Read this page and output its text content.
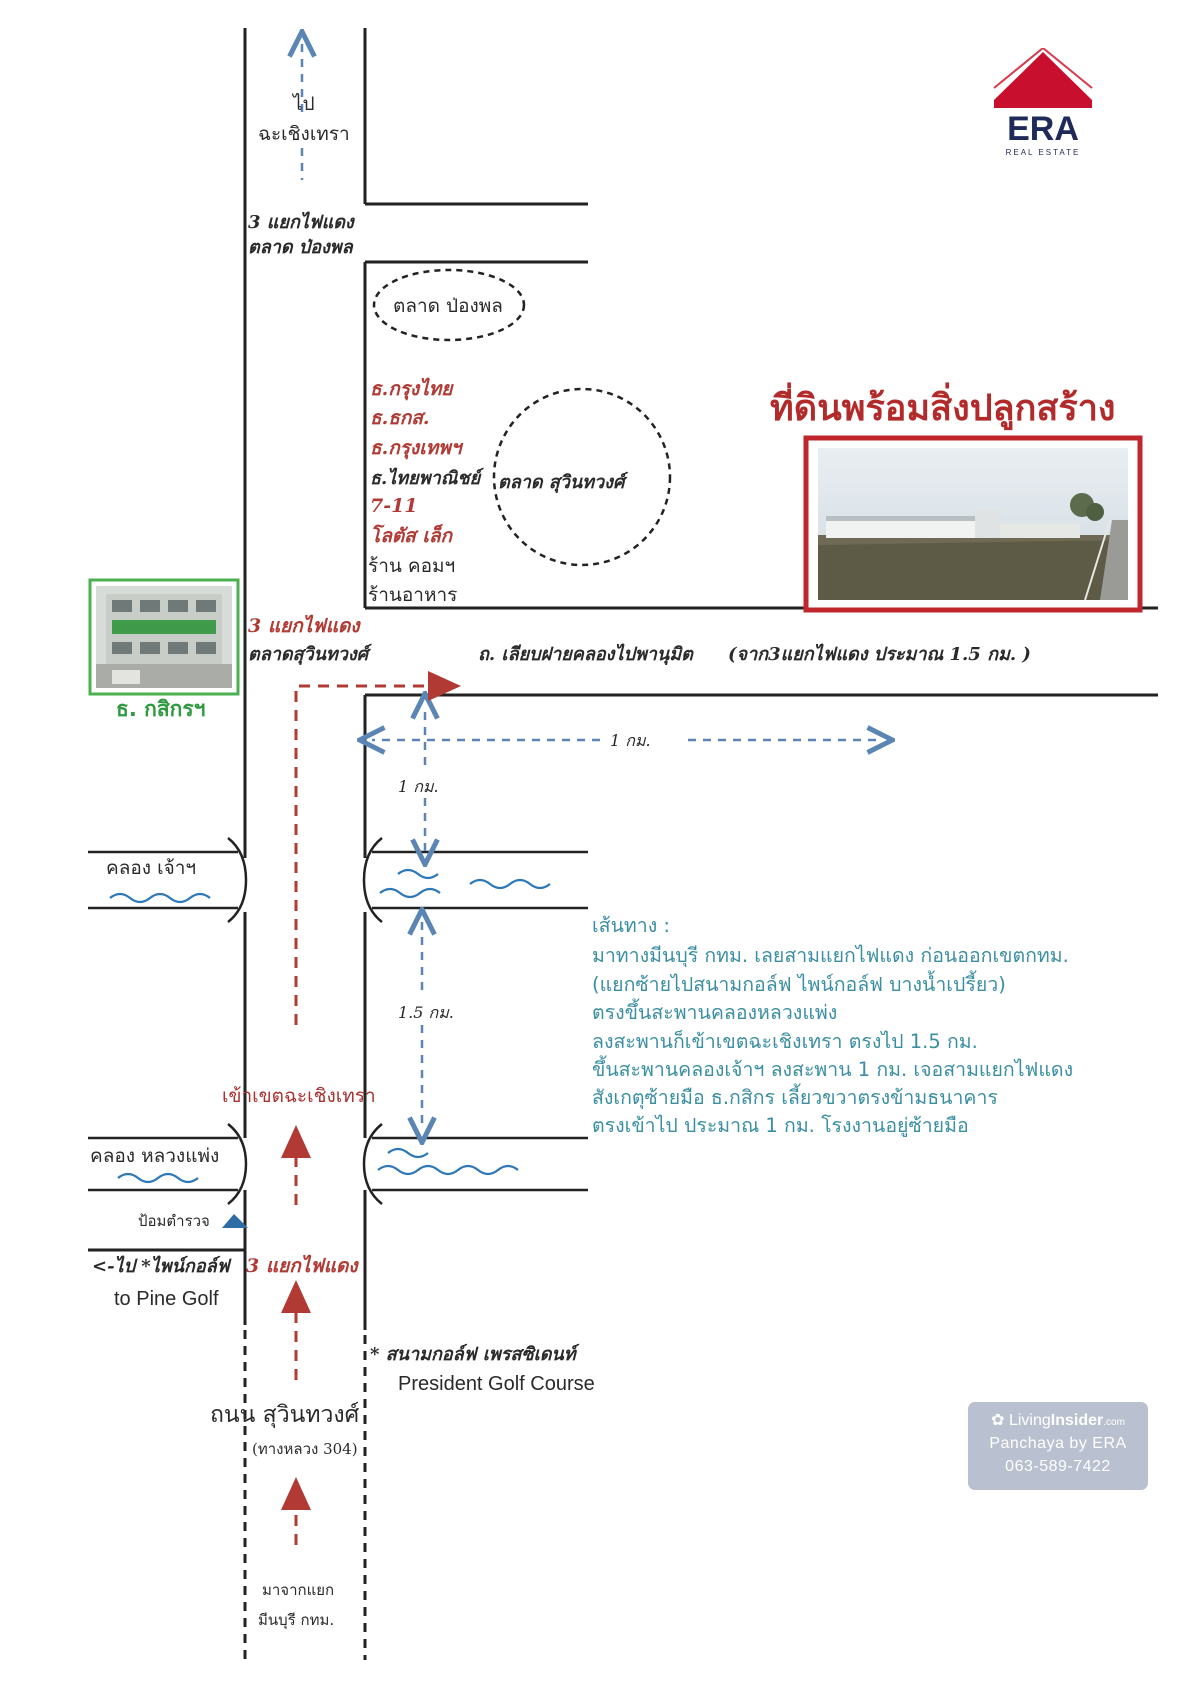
ที่ดินพร้อมสิ่งปลูกสร้าง
ไป
ฉะเชิงเทรา
3 แยกไฟแดง
ตลาด ป่องพล
ตลาด ป่องพล
ธ.กรุงไทย
ธ.ธกส.
ธ.กรุงเทพฯ
ธ.ไทยพาณิชย์
7-11
โลตัส เล็ก
ร้าน คอมฯ
ร้านอาหาร
ตลาด สุวินทวงศ์
ธ. กสิกรฯ
3 แยกไฟแดง
ตลาดสุวินทวงศ์	ถ. เลียบฝายคลองไปพานุมิต (จาก3แยกไฟแดง ประมาณ 1.5 กม. )
1 กม.
1 กม.
1.5 กม.
คลอง เจ้าฯ
คลอง หลวงแพ่ง
เข้าเขตฉะเชิงเทรา
ป้อมตำรวจ
<-ไป *ไพน์กอล์ฟ
to Pine Golf
3 แยกไฟแดง
* สนามกอล์ฟ เพรสซิเดนท์
President Golf Course
ถนน สุวินทวงศ์
(ทางหลวง 304)
มาจากแยก
มีนบุรี กทม.
เส้นทาง :
มาทางมีนบุรี กทม. เลยสามแยกไฟแดง ก่อนออกเขตกทม.
(แยกซ้ายไปสนามกอล์ฟ ไพน์กอล์ฟ บางน้ำเปรี้ยว)
ตรงขึ้นสะพานคลองหลวงแพ่ง
ลงสะพานก็เข้าเขตฉะเชิงเทรา ตรงไป 1.5 กม.
ขึ้นสะพานคลองเจ้าฯ ลงสะพาน 1 กม. เจอสามแยกไฟแดง
สังเกตุซ้ายมือ ธ.กสิกร เลี้ยวขวาตรงข้ามธนาคาร
ตรงเข้าไป ประมาณ 1 กม. โรงงานอยู่ซ้ายมือ
ERA
REAL ESTATE
✿ LivingInsider.com
Panchaya by ERA
063-589-7422
